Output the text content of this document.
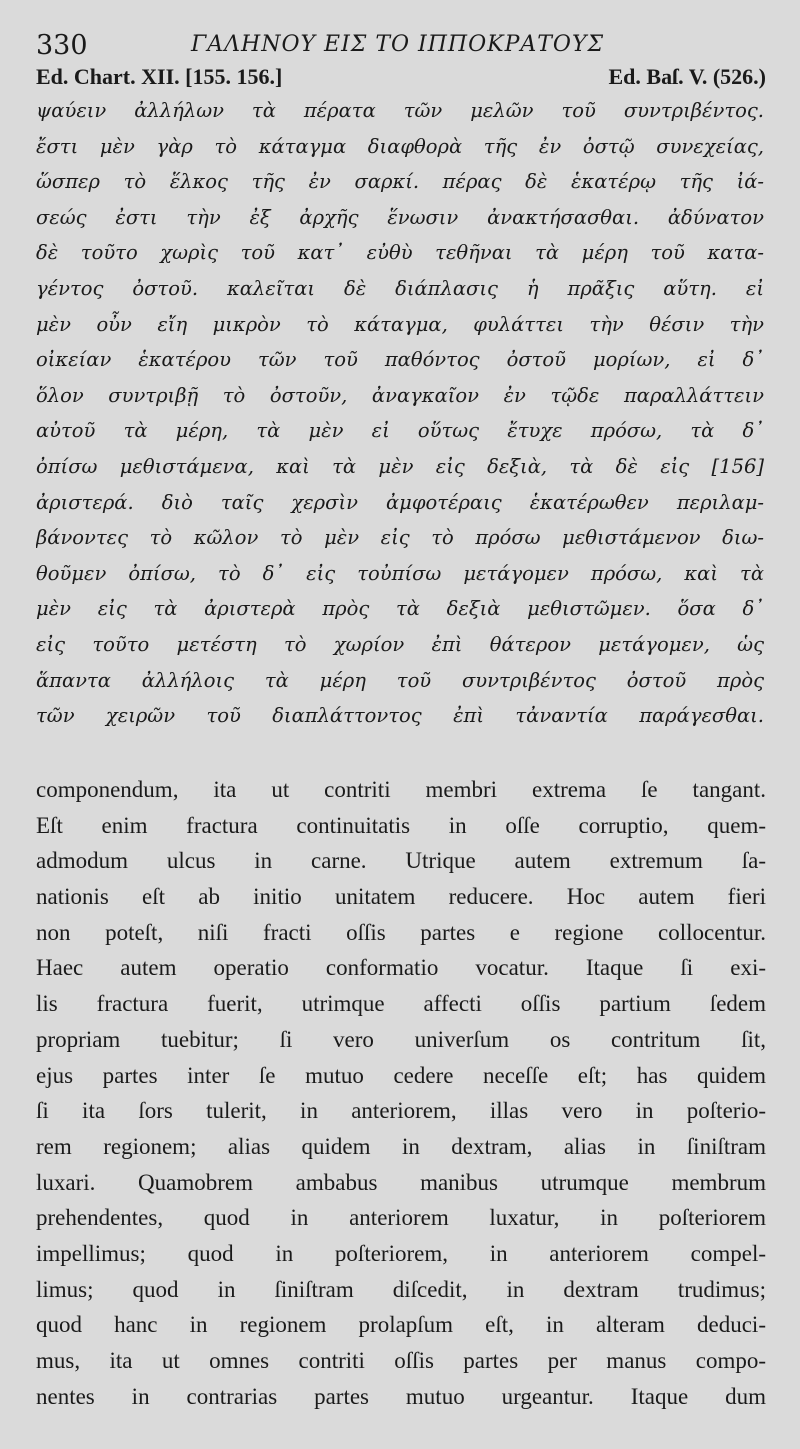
330	ΓΑΛΗΝΟΥ ΕΙΣ ΤΟ ΙΠΠΟΚΡΑΤΟΥΣ
Ed. Chart. XII. [155. 156.]	Ed. Baſ. V. (526.)
ψαύειν ἀλλήλων τὰ πέρατα τῶν μελῶν τοῦ συντριβέντος.
ἔστι μὲν γὰρ τὸ κάταγμα διαφθορὰ τῆς ἐν ὀστῷ συνεχείας,
ὥσπερ τὸ ἕλκος τῆς ἐν σαρκί. πέρας δὲ ἑκατέρῳ τῆς ἰά-
σεώς ἐστι τὴν ἐξ ἀρχῆς ἕνωσιν ἀνακτήσασθαι. ἀδύνατον
δὲ τοῦτο χωρὶς τοῦ κατ᾽ εὐθὺ τεθῆναι τὰ μέρη τοῦ κατα-
γέντος ὀστοῦ. καλεῖται δὲ διάπλασις ἡ πρᾶξις αὕτη. εἰ
μὲν οὖν εἴη μικρὸν τὸ κάταγμα, φυλάττει τὴν θέσιν τὴν
οἰκείαν ἑκατέρου τῶν τοῦ παθόντος ὀστοῦ μορίων, εἰ δ᾽
ὅλον συντριβῇ τὸ ὀστοῦν, ἀναγκαῖον ἐν τῷδε παραλλάττειν
αὐτοῦ τὰ μέρη, τὰ μὲν εἰ οὕτως ἔτυχε πρόσω, τὰ δ᾽
ὀπίσω μεθιστάμενα, καὶ τὰ μὲν εἰς δεξιὰ, τὰ δὲ εἰς [156]
ἀριστερά. διὸ ταῖς χερσὶν ἀμφοτέραις ἑκατέρωθεν περιλαμ-
βάνοντες τὸ κῶλον τὸ μὲν εἰς τὸ πρόσω μεθιστάμενον διω-
θοῦμεν ὀπίσω, τὸ δ᾽ εἰς τοὐπίσω μετάγομεν πρόσω, καὶ τὰ
μὲν εἰς τὰ ἀριστερὰ πρὸς τὰ δεξιὰ μεθιστῶμεν. ὅσα δ᾽
εἰς τοῦτο μετέστη τὸ χωρίον ἐπὶ θάτερον μετάγομεν, ὡς
ἅπαντα ἀλλήλοις τὰ μέρη τοῦ συντριβέντος ὀστοῦ πρὸς
τῶν χειρῶν τοῦ διαπλάττοντος ἐπὶ τἀναντία παράγεσθαι.
componendum, ita ut contriti membri extrema ſe tangant.
Eſt enim fractura continuitatis in oſſe corruptio, quem-
admodum ulcus in carne. Utrique autem extremum ſa-
nationis eſt ab initio unitatem reducere. Hoc autem fieri
non poteſt, niſi fracti oſſis partes e regione collocentur.
Haec autem operatio conformatio vocatur. Itaque ſi exi-
lis fractura fuerit, utrimque affecti oſſis partium ſedem
propriam tuebitur; ſi vero univerſum os contritum ſit,
ejus partes inter ſe mutuo cedere neceſſe eſt; has quidem
ſi ita ſors tulerit, in anteriorem, illas vero in poſterio-
rem regionem; alias quidem in dextram, alias in ſiniſtram
luxari. Quamobrem ambabus manibus utrumque membrum
prehendentes, quod in anteriorem luxatur, in poſteriorem
impellimus; quod in poſteriorem, in anteriorem compel-
limus; quod in ſiniſtram diſcedit, in dextram trudimus;
quod hanc in regionem prolapſum eſt, in alteram deduci-
mus, ita ut omnes contriti oſſis partes per manus compo-
nentes in contrarias partes mutuo urgeantur. Itaque dum
